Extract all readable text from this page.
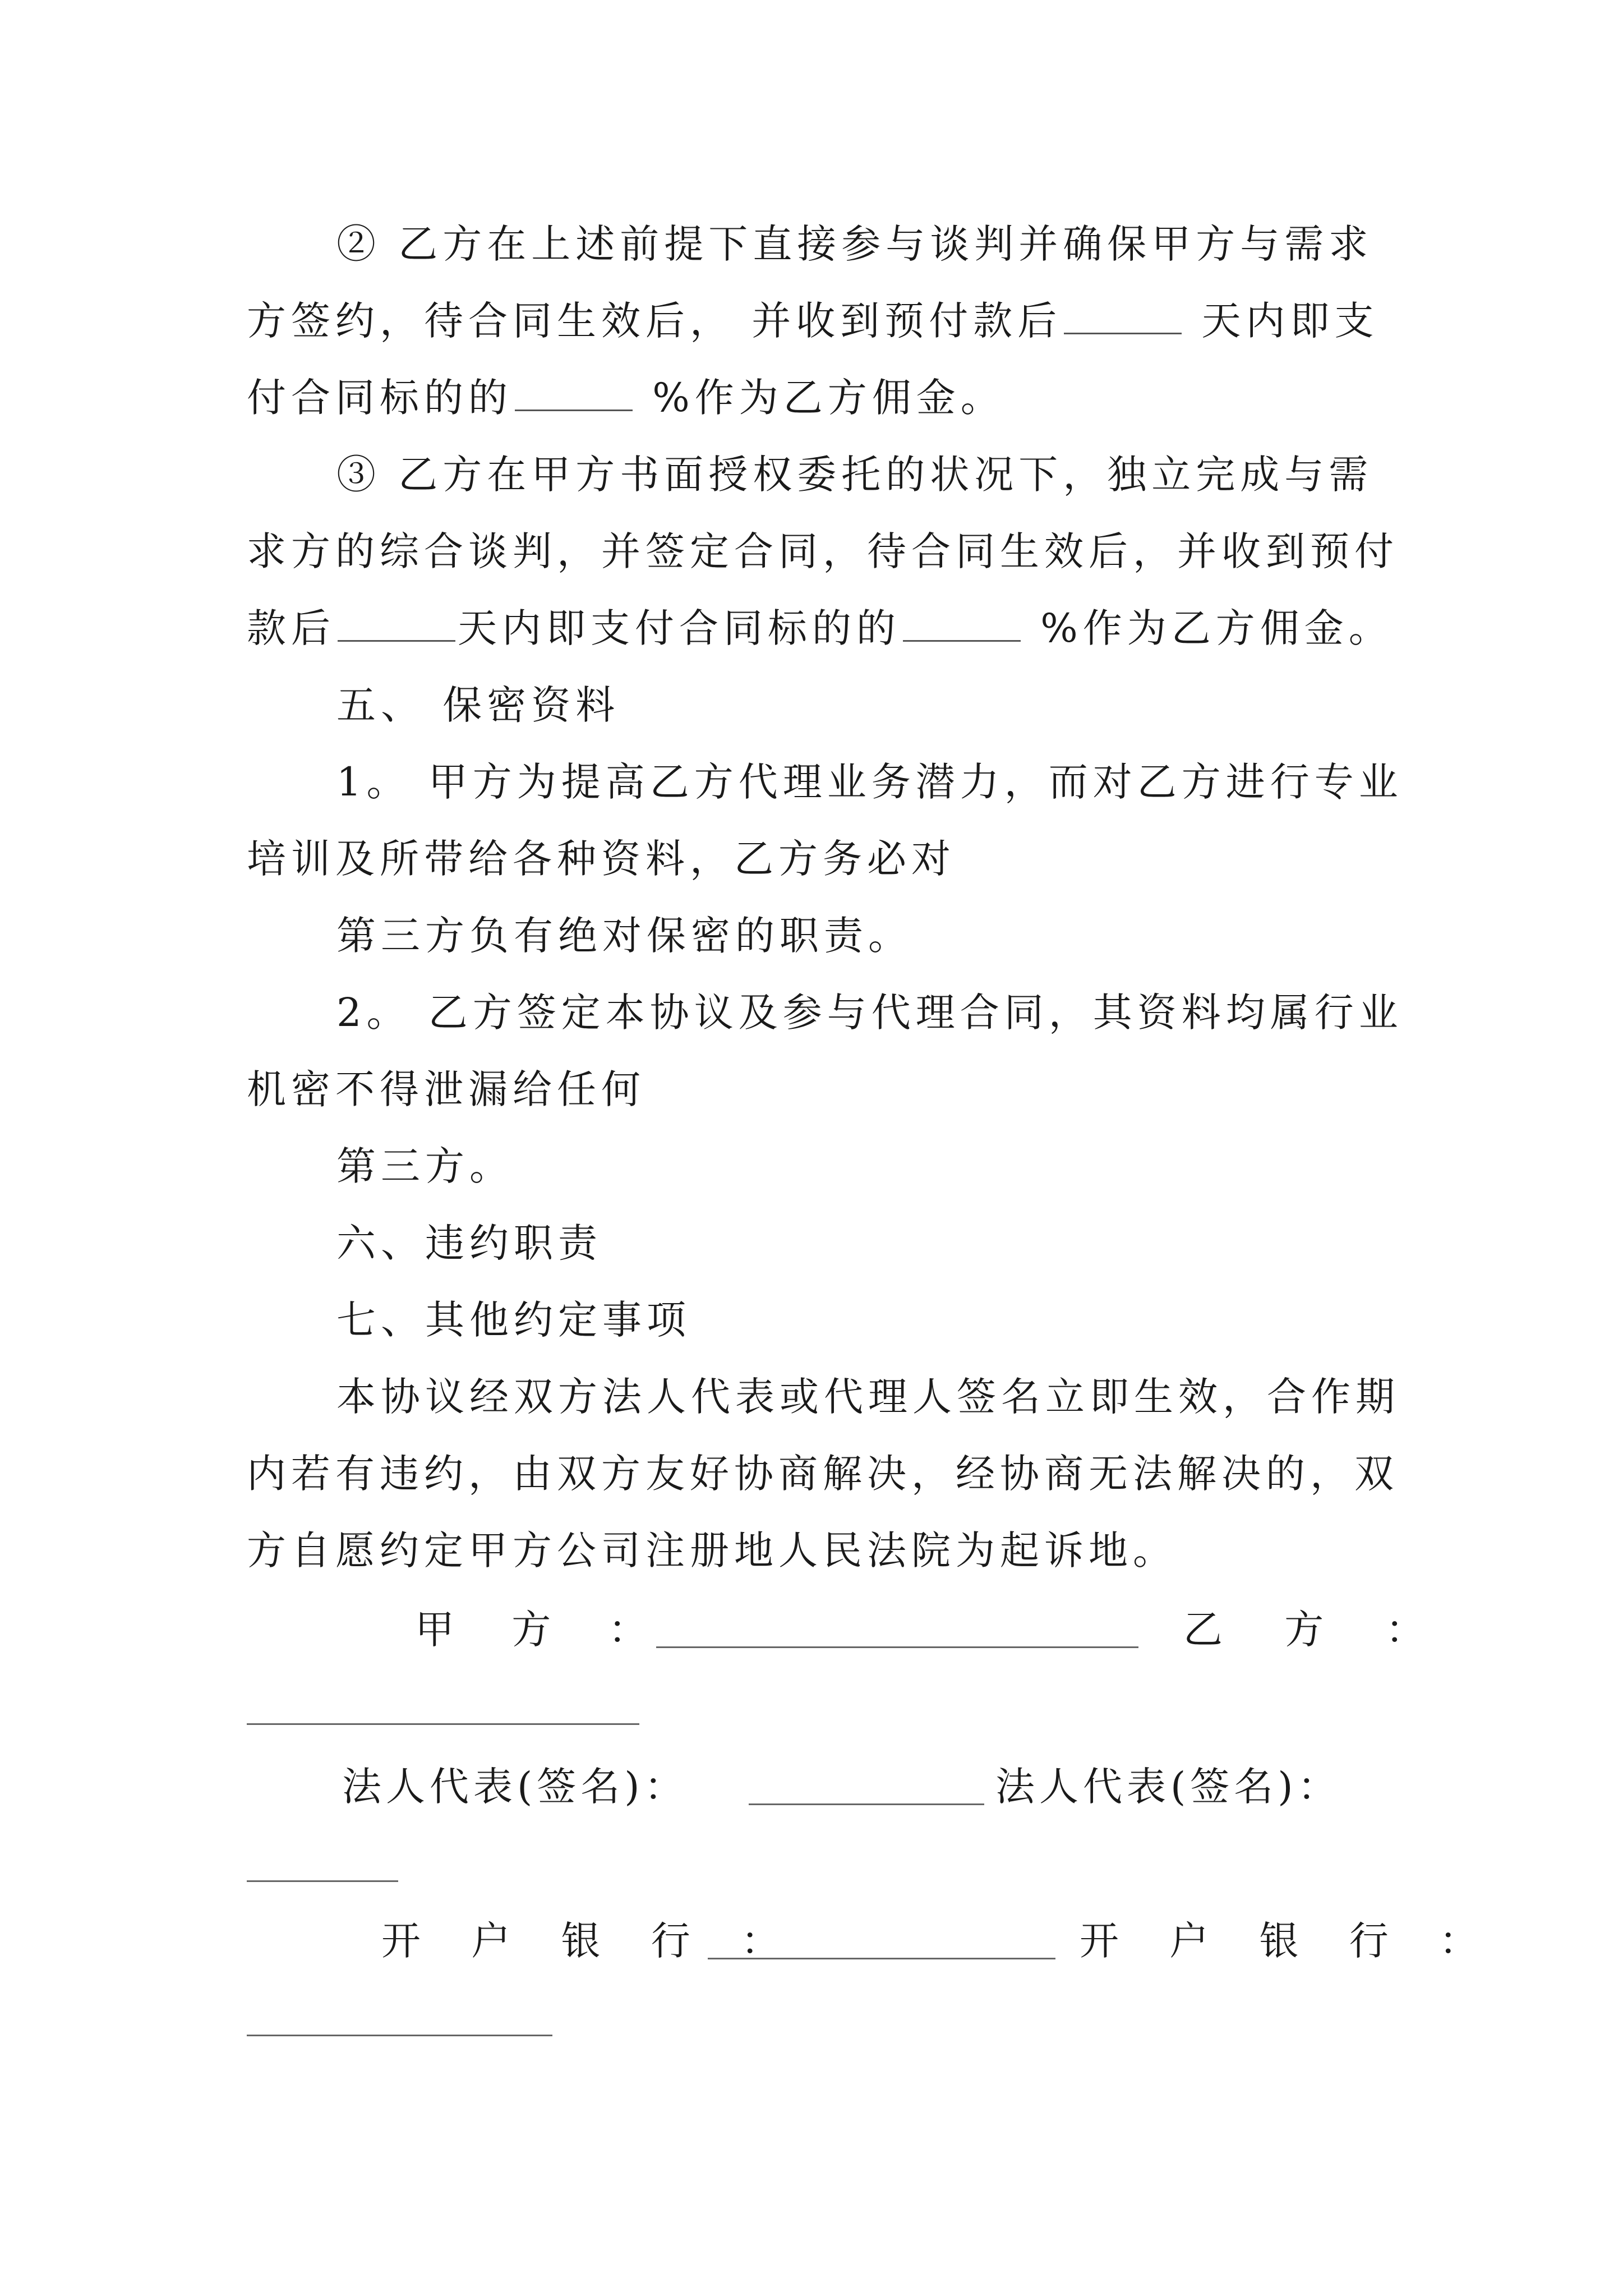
② 乙方在上述前提下直接参与谈判并确保甲方与需求
方签约，待合同生效后， 并收到预付款后	天内即支
付合同标的的	%作为乙方佣金。
③ 乙方在甲方书面授权委托的状况下，独立完成与需
求方的综合谈判，并签定合同，待合同生效后，并收到预付
款后	天内即支付合同标的的	%作为乙方佣金。
五、 保密资料
1。 甲方为提高乙方代理业务潜力，而对乙方进行专业
培训及所带给各种资料，乙方务必对
第三方负有绝对保密的职责。
2。 乙方签定本协议及参与代理合同，其资料均属行业
机密不得泄漏给任何
第三方。
六、违约职责
七、其他约定事项
本协议经双方法人代表或代理人签名立即生效，合作期
内若有违约，由双方友好协商解决，经协商无法解决的，双
方自愿约定甲方公司注册地人民法院为起诉地。
甲 方 ：	乙 方 ：
法人代表(签名)：	法人代表(签名)：
开 户 银 行 ：	开 户 银 行 ：
